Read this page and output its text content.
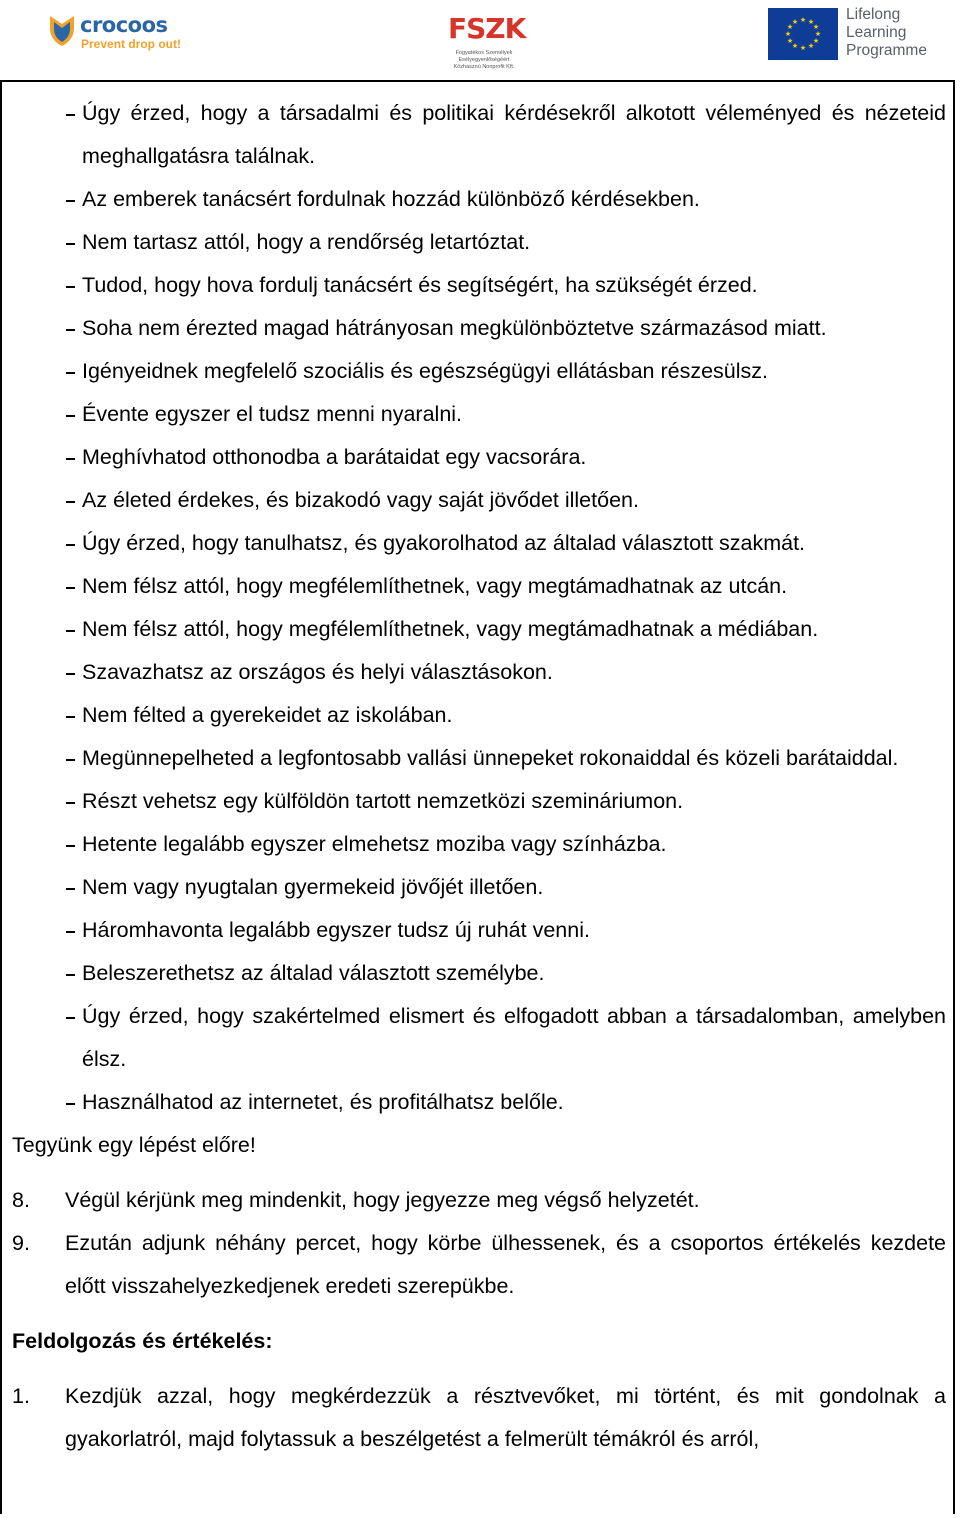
crocoos
Prevent drop out!	FSZK
Fogyatékos Személyek
Esélyegyenlőségéért
Közhasznú Nonprofit Kft.
★ ★
★
★
★
★
★
★
★
★
★
★	Lifelong
Learning
Programme

Úgy érzed, hogy a társadalmi és politikai kérdésekről alkotott véleményed és nézeteid meghallgatásra találnak.

Az emberek tanácsért fordulnak hozzád különböző kérdésekben.

Nem tartasz attól, hogy a rendőrség letartóztat.

Tudod, hogy hova fordulj tanácsért és segítségért, ha szükségét érzed.

Soha nem érezted magad hátrányosan megkülönböztetve származásod miatt.

Igényeidnek megfelelő szociális és egészségügyi ellátásban részesülsz.

Évente egyszer el tudsz menni nyaralni.

Meghívhatod otthonodba a barátaidat egy vacsorára.

Az életed érdekes, és bizakodó vagy saját jövődet illetően.

Úgy érzed, hogy tanulhatsz, és gyakorolhatod az általad választott szakmát.

Nem félsz attól, hogy megfélemlíthetnek, vagy megtámadhatnak az utcán.

Nem félsz attól, hogy megfélemlíthetnek, vagy megtámadhatnak a médiában.

Szavazhatsz az országos és helyi választásokon.

Nem félted a gyerekeidet az iskolában.

Megünnepelheted a legfontosabb vallási ünnepeket rokonaiddal és közeli barátaiddal.

Részt vehetsz egy külföldön tartott nemzetközi szemináriumon.

Hetente legalább egyszer elmehetsz moziba vagy színházba.

Nem vagy nyugtalan gyermekeid jövőjét illetően.

Háromhavonta legalább egyszer tudsz új ruhát venni.

Beleszerethetsz az általad választott személybe.

Úgy érzed, hogy szakértelmed elismert és elfogadott abban a társadalomban, amelyben élsz.

Használhatod az internetet, és profitálhatsz belőle.

Tegyünk egy lépést előre!

8. Végül kérjünk meg mindenkit, hogy jegyezze meg végső helyzetét.

9. Ezután adjunk néhány percet, hogy körbe ülhessenek, és a csoportos értékelés kezdete előtt visszahelyezkedjenek eredeti szerepükbe.

Feldolgozás és értékelés:

1. Kezdjük azzal, hogy megkérdezzük a résztvevőket, mi történt, és mit gondolnak a gyakorlatról, majd folytassuk a beszélgetést a felmerült témákról és arról,
